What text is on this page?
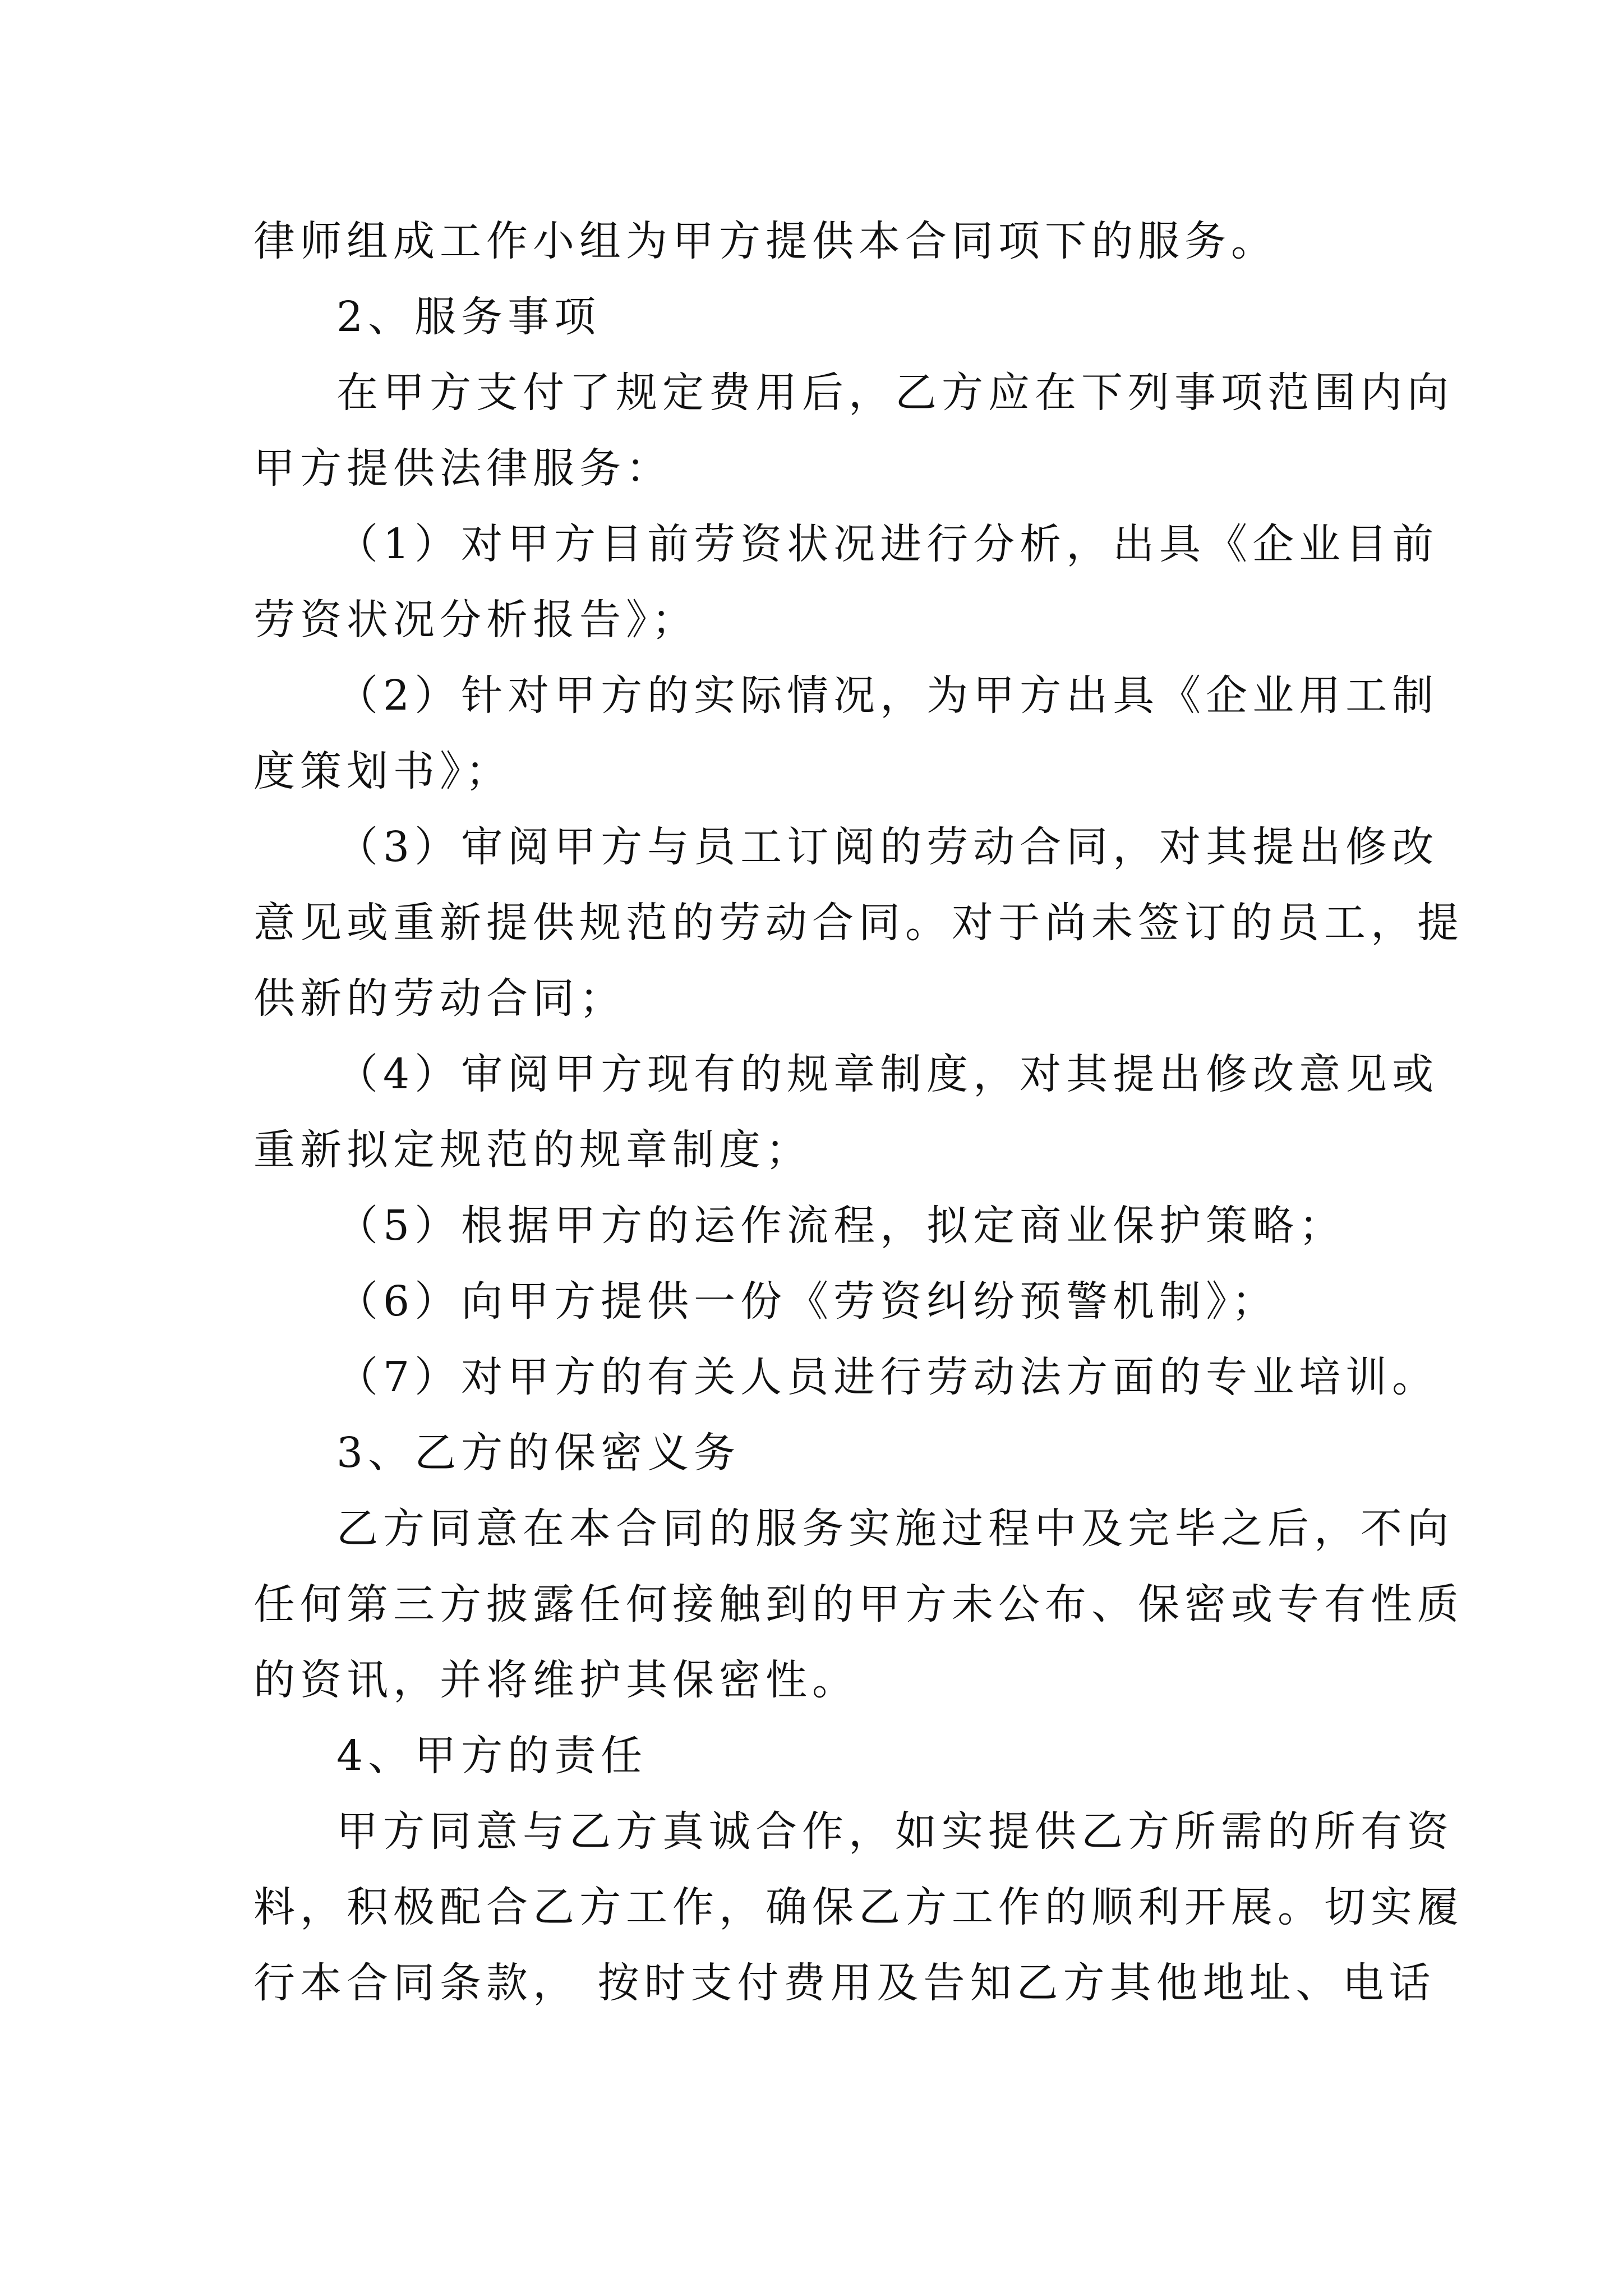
律师组成工作小组为甲方提供本合同项下的服务。
2、服务事项
在甲方支付了规定费用后，乙方应在下列事项范围内向
甲方提供法律服务：
（1）对甲方目前劳资状况进行分析，出具《企业目前
劳资状况分析报告》；
（2）针对甲方的实际情况，为甲方出具《企业用工制
度策划书》；
（3）审阅甲方与员工订阅的劳动合同，对其提出修改
意见或重新提供规范的劳动合同。对于尚未签订的员工，提
供新的劳动合同；
（4）审阅甲方现有的规章制度，对其提出修改意见或
重新拟定规范的规章制度；
（5）根据甲方的运作流程，拟定商业保护策略；
（6）向甲方提供一份《劳资纠纷预警机制》；
（7）对甲方的有关人员进行劳动法方面的专业培训。
3、乙方的保密义务
乙方同意在本合同的服务实施过程中及完毕之后，不向
任何第三方披露任何接触到的甲方未公布、保密或专有性质
的资讯，并将维护其保密性。
4、甲方的责任
甲方同意与乙方真诚合作，如实提供乙方所需的所有资
料，积极配合乙方工作，确保乙方工作的顺利开展。切实履
行本合同条款， 按时支付费用及告知乙方其他地址、电话
